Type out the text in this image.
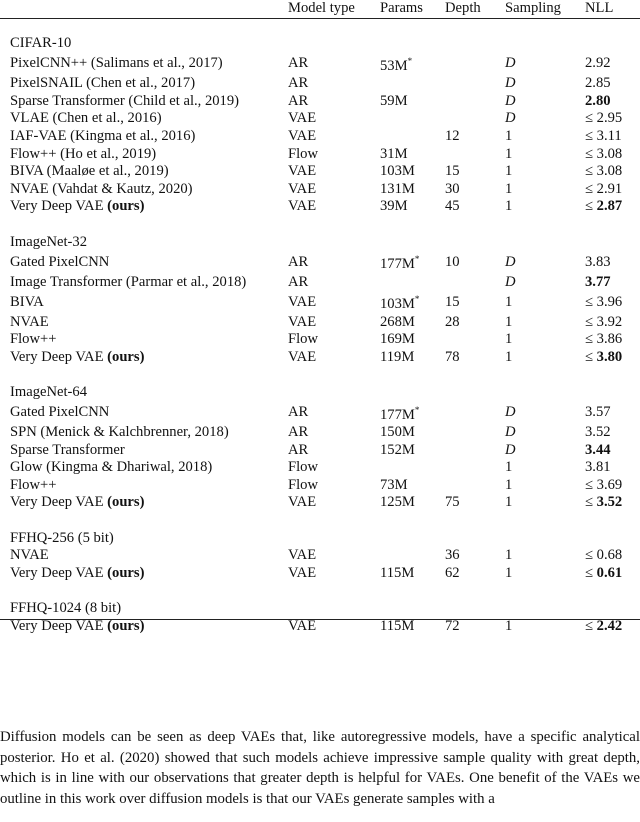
	Model type	Params	Depth	Sampling	NLL

CIFAR-10					
PixelCNN++ (Salimans et al., 2017)	AR	53M*		D	2.92
PixelSNAIL (Chen et al., 2017)	AR			D	2.85
Sparse Transformer (Child et al., 2019)	AR	59M		D	2.80
VLAE (Chen et al., 2016)	VAE			D	≤ 2.95
IAF-VAE (Kingma et al., 2016)	VAE		12	1	≤ 3.11
Flow++ (Ho et al., 2019)	Flow	31M		1	≤ 3.08
BIVA (Maaløe et al., 2019)	VAE	103M	15	1	≤ 3.08
NVAE (Vahdat & Kautz, 2020)	VAE	131M	30	1	≤ 2.91
Very Deep VAE (ours)	VAE	39M	45	1	≤ 2.87

ImageNet-32					
Gated PixelCNN	AR	177M*	10	D	3.83
Image Transformer (Parmar et al., 2018)	AR			D	3.77
BIVA	VAE	103M*	15	1	≤ 3.96
NVAE	VAE	268M	28	1	≤ 3.92
Flow++	Flow	169M		1	≤ 3.86
Very Deep VAE (ours)	VAE	119M	78	1	≤ 3.80

ImageNet-64					
Gated PixelCNN	AR	177M*		D	3.57
SPN (Menick & Kalchbrenner, 2018)	AR	150M		D	3.52
Sparse Transformer	AR	152M		D	3.44
Glow (Kingma & Dhariwal, 2018)	Flow			1	3.81
Flow++	Flow	73M		1	≤ 3.69
Very Deep VAE (ours)	VAE	125M	75	1	≤ 3.52

FFHQ-256 (5 bit)					
NVAE	VAE		36	1	≤ 0.68
Very Deep VAE (ours)	VAE	115M	62	1	≤ 0.61

FFHQ-1024 (8 bit)					
Very Deep VAE (ours)	VAE	115M	72	1	≤ 2.42

Diffusion models can be seen as deep VAEs that, like autoregressive models, have a specific analytical posterior. Ho et al. (2020) showed that such models achieve impressive sample quality with great depth, which is in line with our observations that greater depth is helpful for VAEs. One benefit of the VAEs we outline in this work over diffusion models is that our VAEs generate samples with a
